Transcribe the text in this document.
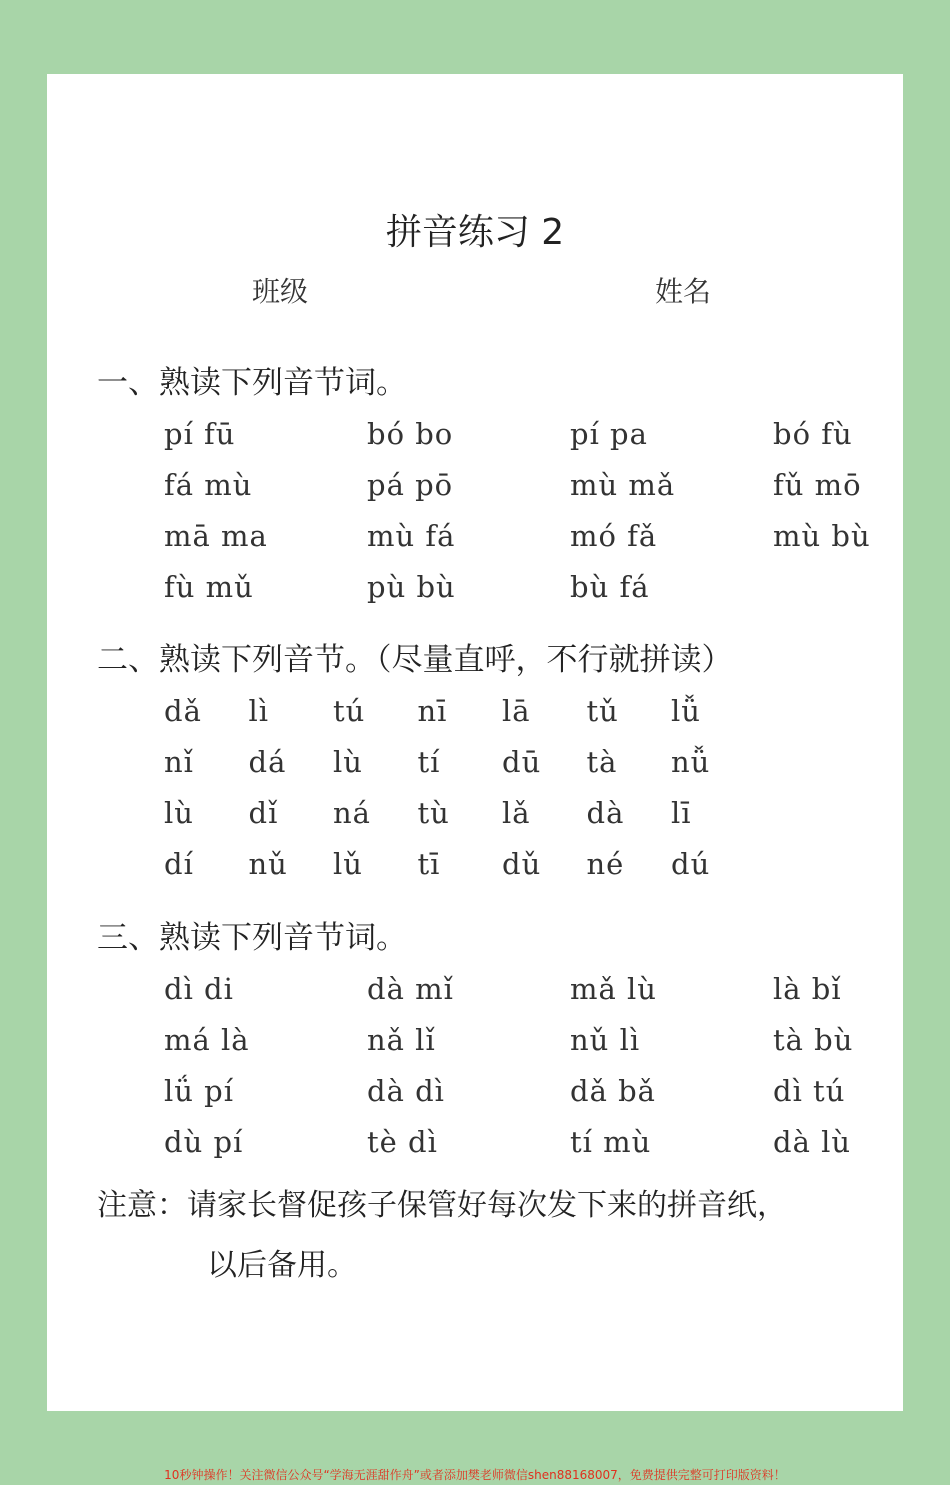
拼音练习 2
班级	姓名
一、熟读下列音节词。
pí fū	bó bo	pí pa	bó fù
fá mù	pá pō	mù mǎ	fǔ mō
mā ma	mù fá	mó fǎ	mù bù
fù mǔ	pù bù	bù fá
二、熟读下列音节。（尽量直呼，不行就拼读）
dǎ	lì	tú	nī	lā	tǔ	lǚ
nǐ	dá	lù	tí	dū	tà	nǚ
lù	dǐ	ná	tù	lǎ	dà	lī
dí	nǔ	lǔ	tī	dǔ	né	dú
三、熟读下列音节词。
dì di	dà mǐ	mǎ lù	là bǐ
má là	nǎ lǐ	nǔ lì	tà bù
lǘ pí	dà dì	dǎ bǎ	dì tú
dù pí	tè dì	tí mù	dà lù
注意：请家长督促孩子保管好每次发下来的拼音纸，
以后备用。
10秒钟操作！关注微信公众号“学海无涯甜作舟”或者添加樊老师微信shen88168007，免费提供完整可打印版资料！
